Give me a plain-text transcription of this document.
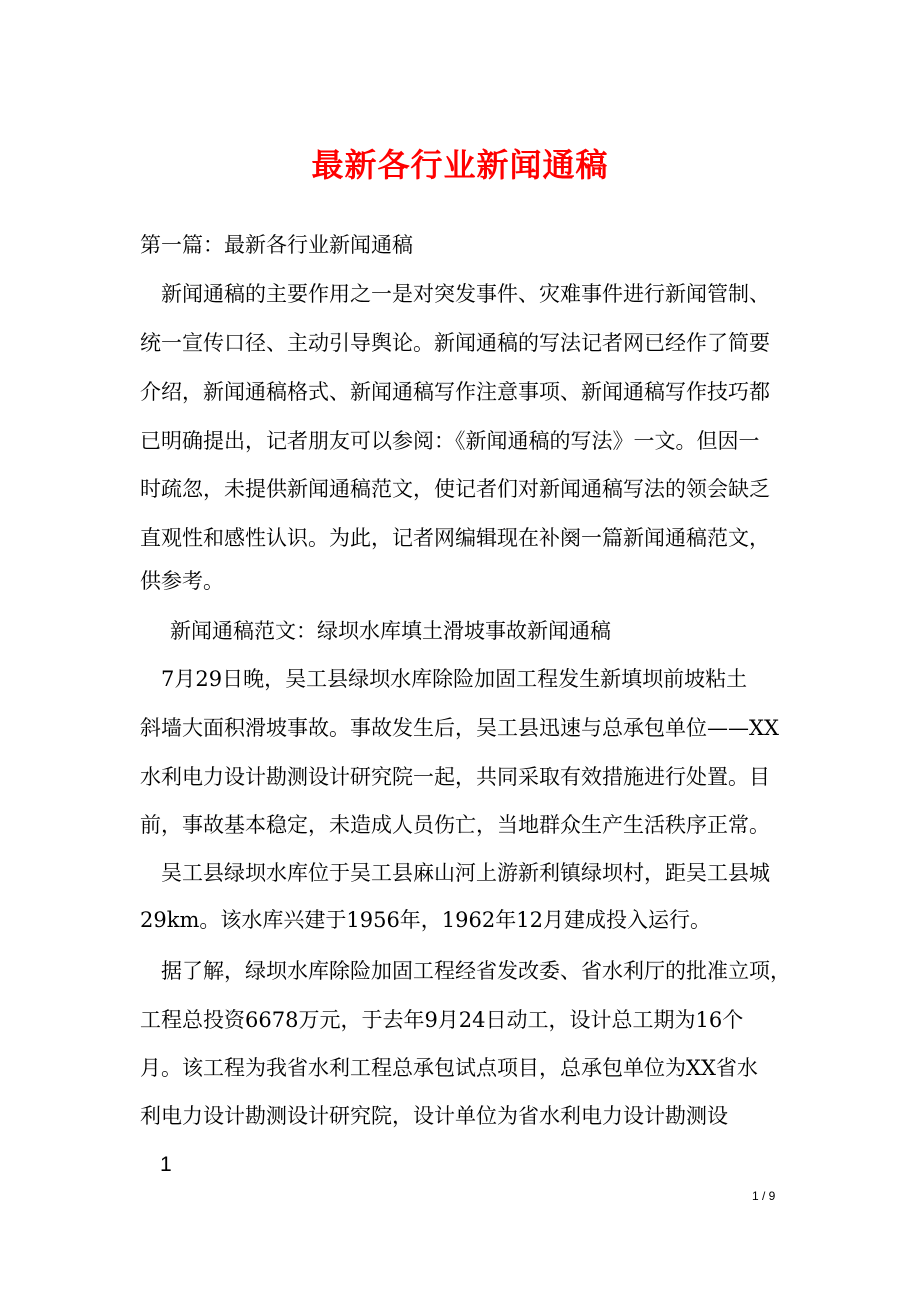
最新各行业新闻通稿
第一篇：最新各行业新闻通稿
新闻通稿的主要作用之一是对突发事件、灾难事件进行新闻管制、
统一宣传口径、主动引导舆论。新闻通稿的写法记者网已经作了简要
介绍，新闻通稿格式、新闻通稿写作注意事项、新闻通稿写作技巧都
已明确提出，记者朋友可以参阅：《新闻通稿的写法》一文。但因一
时疏忽，未提供新闻通稿范文，使记者们对新闻通稿写法的领会缺乏
直观性和感性认识。为此，记者网编辑现在补阕一篇新闻通稿范文，
供参考。
新闻通稿范文：绿坝水库填土滑坡事故新闻通稿
7月29日晚，吴工县绿坝水库除险加固工程发生新填坝前坡粘土
斜墙大面积滑坡事故。事故发生后，吴工县迅速与总承包单位——XX
水利电力设计勘测设计研究院一起，共同采取有效措施进行处置。目
前，事故基本稳定，未造成人员伤亡，当地群众生产生活秩序正常。
吴工县绿坝水库位于吴工县麻山河上游新利镇绿坝村，距吴工县城
29km。该水库兴建于1956年，1962年12月建成投入运行。
据了解，绿坝水库除险加固工程经省发改委、省水利厅的批准立项，
工程总投资6678万元，于去年9月24日动工，设计总工期为16个
月。该工程为我省水利工程总承包试点项目，总承包单位为XX省水
利电力设计勘测设计研究院，设计单位为省水利电力设计勘测设
1
1 / 9
